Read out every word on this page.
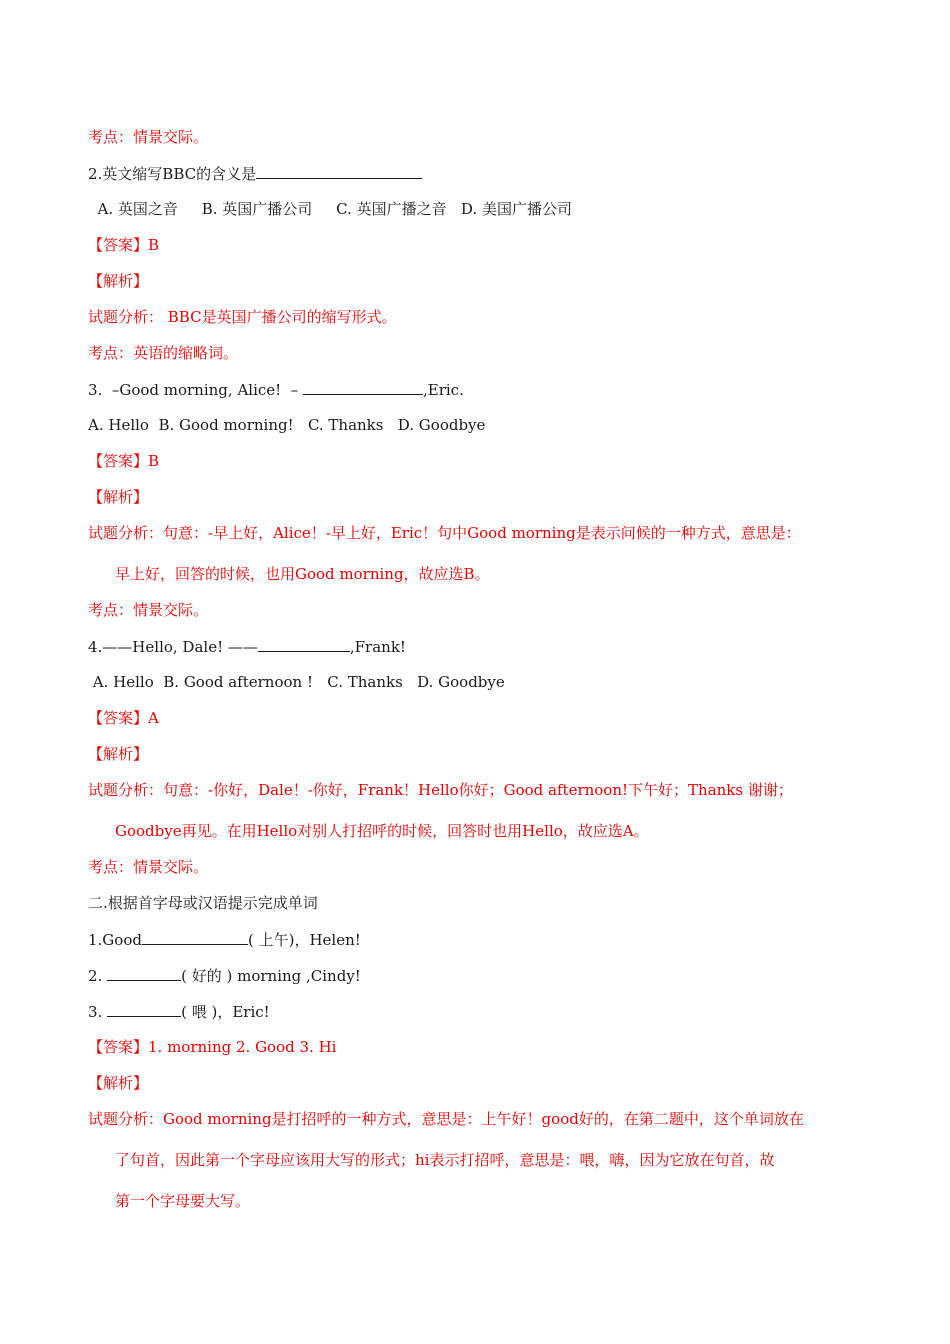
考点：情景交际。
2.英文缩写BBC的含义是
A. 英国之音     B. 英国广播公司     C. 英国广播之音   D. 美国广播公司
【答案】B
【解析】
试题分析： BBC是英国广播公司的缩写形式。
考点：英语的缩略词。
3.  –Good morning, Alice!  –	,Eric.
A. Hello  B. Good morning!   C. Thanks   D. Goodbye
【答案】B
【解析】
试题分析：句意：-早上好，Alice！-早上好，Eric！句中Good morning是表示问候的一种方式，意思是：
早上好，回答的时候，也用Good morning，故应选B。
考点：情景交际。
4.——Hello, Dale! ——	,Frank!
A. Hello  B. Good afternoon !   C. Thanks   D. Goodbye
【答案】A
【解析】
试题分析：句意：-你好，Dale！-你好，Frank！Hello你好；Good afternoon!下午好；Thanks 谢谢；
Goodbye再见。在用Hello对别人打招呼的时候，回答时也用Hello，故应选A。
考点：情景交际。
二.根据首字母或汉语提示完成单词
1.Good	( 上午)，Helen!
2.	( 好的 ) morning ,Cindy!
3.	( 喂 )，Eric!
【答案】1. morning 2. Good 3. Hi
【解析】
试题分析：Good morning是打招呼的一种方式，意思是：上午好！good好的，在第二题中，这个单词放在
了句首，因此第一个字母应该用大写的形式；hi表示打招呼，意思是：喂，嗨，因为它放在句首，故
第一个字母要大写。
